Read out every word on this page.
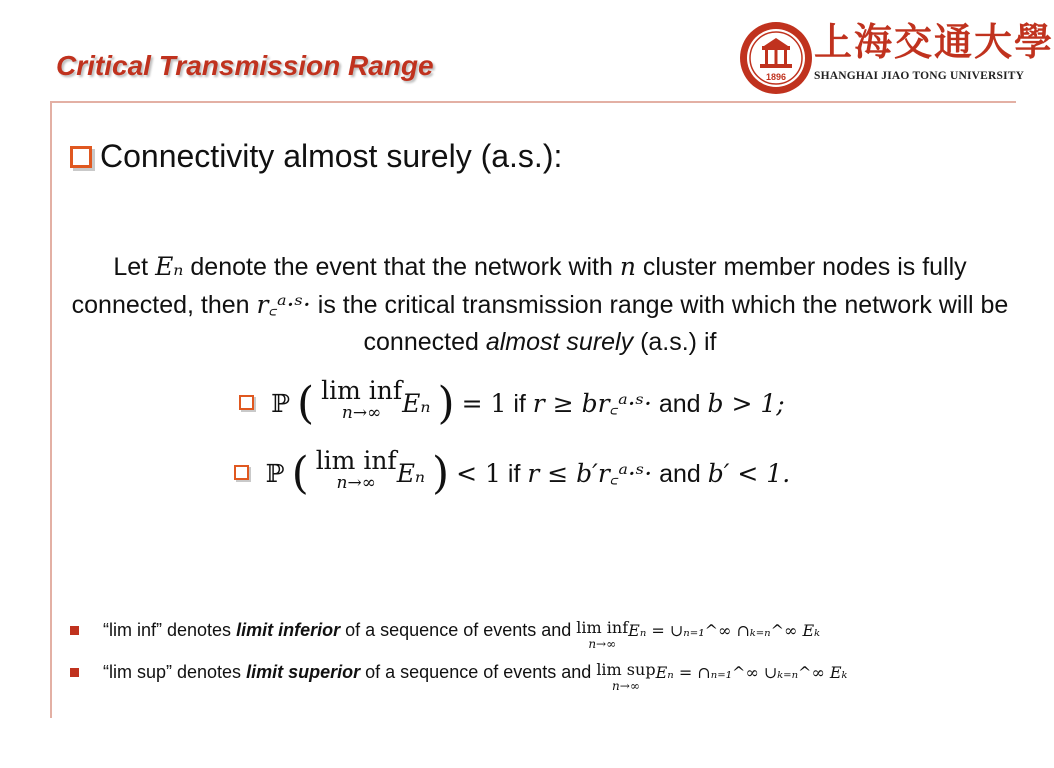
Critical Transmission Range	1896
上海交通大學
SHANGHAI JIAO TONG UNIVERSITY
Connectivity almost surely (a.s.):
Let Eₙ denote the event that the network with n cluster member nodes is fully connected, then r꜀ᵃ·ˢ· is the critical transmission range with which the network will be connected almost surely (a.s.) if
ℙ ( lim inf
n→∞ Eₙ ) = 1 if r ≥ br꜀ᵃ·ˢ· and b > 1;
ℙ ( lim inf
n→∞ Eₙ ) < 1 if r ≤ b′r꜀ᵃ·ˢ· and b′ < 1.
“lim inf” denotes limit inferior of a sequence of events and lim inf
n→∞
Eₙ = ∪ₙ₌₁^∞ ∩ₖ₌ₙ^∞ Eₖ
“lim sup” denotes limit superior of a sequence of events and lim sup
n→∞
Eₙ = ∩ₙ₌₁^∞ ∪ₖ₌ₙ^∞ Eₖ
